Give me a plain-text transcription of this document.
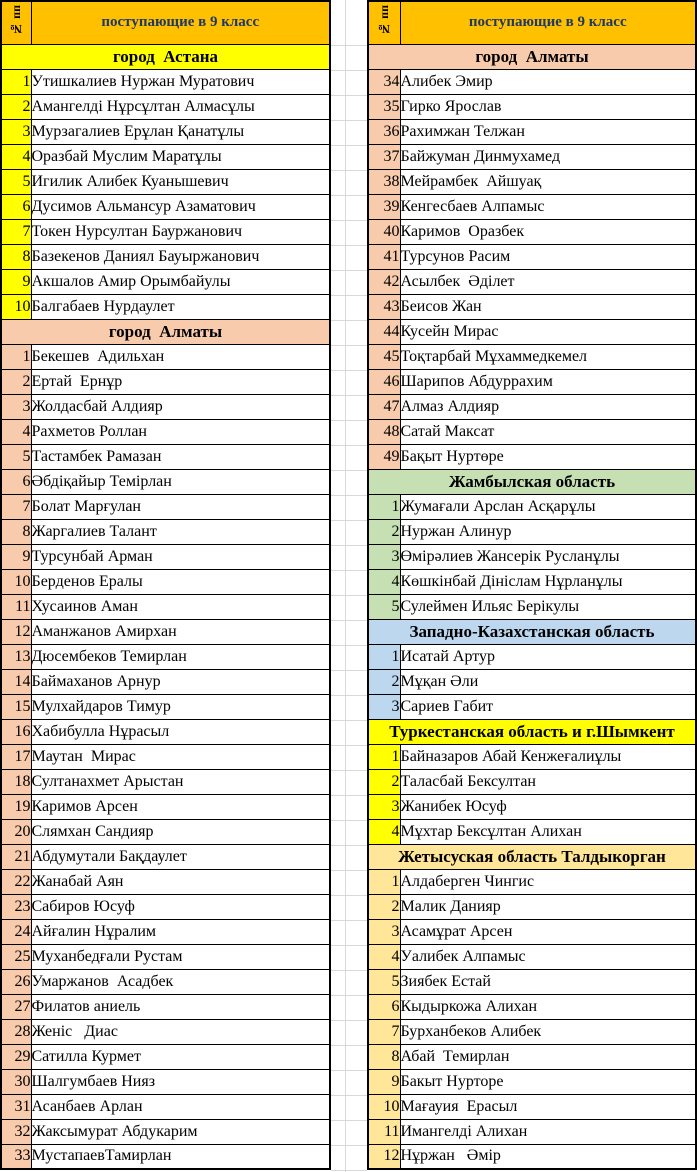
№ пп	поступающие в 9 класс
город  Астана	
1	Утишкалиев Нуржан Муратович
2	Амангелді Нұрсұлтан Алмасұлы
3	Мурзагалиев Ерұлан Қанатұлы
4	Оразбай Муслим Маратұлы
5	Игилик Алибек Куанышевич
6	Дусимов Альмансур Азаматович
7	Токен Нурсултан Бауржанович
8	Базекенов Даниял Бауыржанович
9	Акшалов Амир Орымбайулы
10	Балгабаев Нурдаулет
город  Алматы	
1	Бекешев  Адильхан
2	Ертай  Ернұр
3	Жолдасбай Алдияр
4	Рахметов Роллан
5	Тастамбек Рамазан
6	Әбдіқайыр Темірлан
7	Болат Марғулан
8	Жаргалиев Талант
9	Турсунбай Арман
10	Берденов Ералы
11	Хусаинов Аман
12	Аманжанов Амирхан
13	Дюсембеков Темирлан
14	Баймаханов Арнур
15	Мулхайдаров Тимур
16	Хабибулла Нұрасыл
17	Маутан  Мирас
18	Султанахмет Арыстан
19	Каримов Арсен
20	Слямхан Сандияр
21	Абдумутали Бақдаулет
22	Жанабай Аян
23	Сабиров Юсуф
24	Айғалин Нұралим
25	Муханбедғали Рустам
26	Умаржанов  Асадбек
27	Филатов аниель
28	Женіс   Диас
29	Сатилла Курмет
30	Шалгумбаев Нияз
31	Асанбаев Арлан
32	Жаксымурат Абдукарим
33	МустапаевТамирлан
№ пп	поступающие в 9 класс
город  Алматы	
34	Алибек Эмир
35	Гирко Ярослав
36	Рахимжан Телжан
37	Байжуман Динмухамед
38	Мейрамбек  Айшуақ
39	Кенгесбаев Алпамыс
40	Каримов  Оразбек
41	Турсунов Расим
42	Асылбек  Әділет
43	Беисов Жан
44	Кусейн Мирас
45	Тоқтарбай Мұхаммедкемел
46	Шарипов Абдуррахим
47	Алмаз Алдияр
48	Сатай Максат
49	Бақыт Нуртөре
Жамбылская область	
1	Жумағали Арслан Асқарұлы
2	Нуржан Алинур
3	Өмірәлиев Жансерік Русланұлы
4	Көшкінбай Дініслам Нұрланұлы
5	Сулеймен Ильяс Берікулы
Западно-Казахстанская область	
1	Исатай Артур
2	Мұқан Әли
3	Сариев Габит
Туркестанская область и г.Шымкент	
1	Байназаров Абай Кенжеғалиұлы
2	Таласбай Бексултан
3	Жанибек Юсуф
4	Мұхтар Бексұлтан Алихан
Жетысуская область Талдыкорган	
1	Алдаберген Чингис
2	Малик Данияр
3	Асамұрат Арсен
4	Уалибек Алпамыс
5	Зиябек Естай
6	Кыдыркожа Алихан
7	Бурханбеков Алибек
8	Абай  Темирлан
9	Бакыт Нурторе
10	Мағауия  Ерасыл
11	Имангелді Алихан
12	Нұржан   Әмір
